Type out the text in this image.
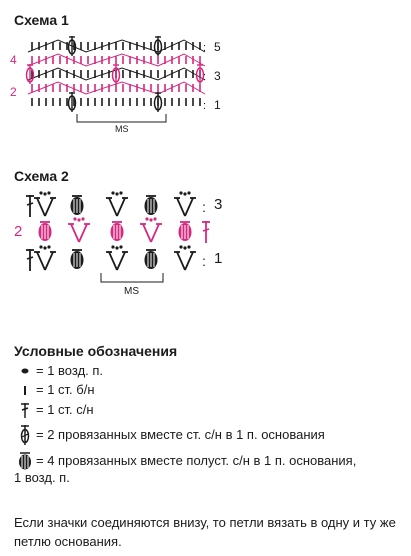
Схема 1
:
:
:
4
2
5
3
1
MS
Схема 2
:
:
2
3
1
MS
Условные обозначения
= 1 возд. п.
= 1 ст. б/н
= 1 ст. с/н
= 2 провязанных вместе ст. с/н в 1 п. основания
= 4 провязанных вместе полуст. с/н в 1 п. основания,
1 возд. п.
Если значки соединяются внизу, то петли вязать в одну и ту же петлю основания.
